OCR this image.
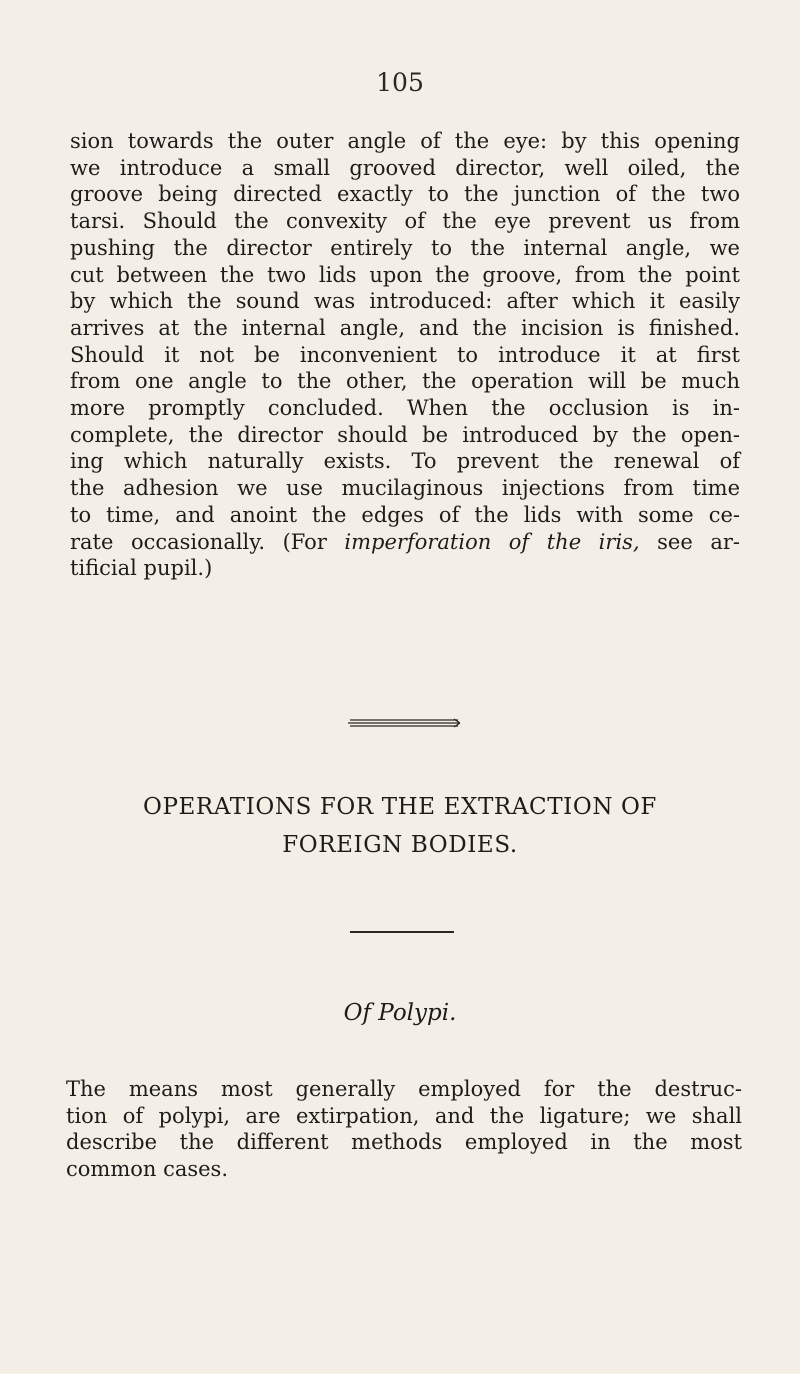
105
sion towards the outer angle of the eye: by this opening
we introduce a small grooved director, well oiled, the
groove being directed exactly to the junction of the two
tarsi. Should the convexity of the eye prevent us from
pushing the director entirely to the internal angle, we
cut between the two lids upon the groove, from the point
by which the sound was introduced: after which it easily
arrives at the internal angle, and the incision is finished.
Should it not be inconvenient to introduce it at first
from one angle to the other, the operation will be much
more promptly concluded. When the occlusion is in-
complete, the director should be introduced by the open-
ing which naturally exists. To prevent the renewal of
the adhesion we use mucilaginous injections from time
to time, and anoint the edges of the lids with some ce-
rate occasionally. (For imperforation of the iris, see ar-
tificial pupil.)
OPERATIONS FOR THE EXTRACTION OF
FOREIGN BODIES.
Of Polypi.
The means most generally employed for the destruc-
tion of polypi, are extirpation, and the ligature; we shall
describe the different methods employed in the most
common cases.
